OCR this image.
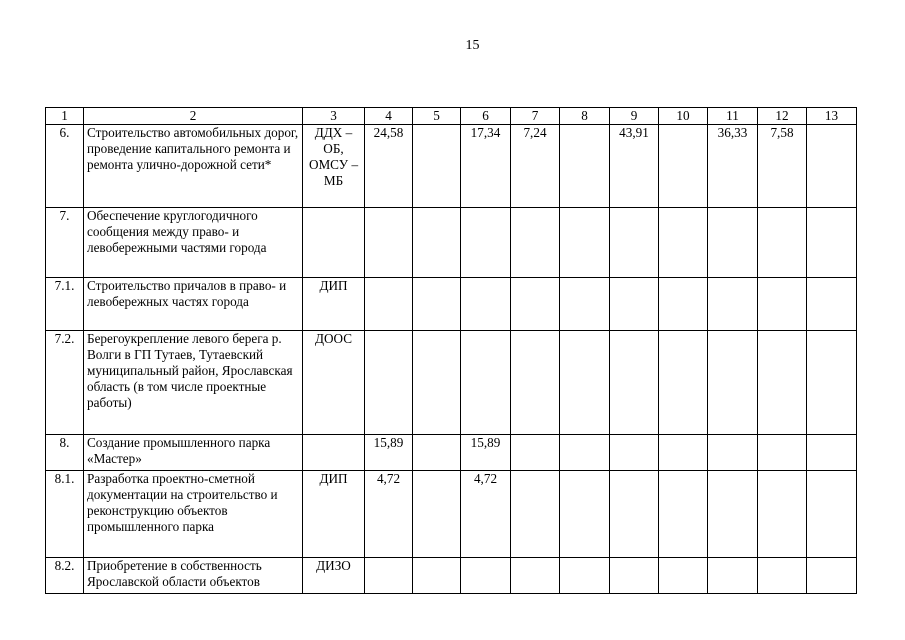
15
1	2	3	4	5	6	7	8	9	10	11	12	13
6.	Строительство автомобильных дорог, проведение капитального ремонта и ремонта улично-дорожной сети*	ДДХ – ОБ, ОМСУ – МБ	24,58		17,34	7,24		43,91		36,33	7,58	
7.	Обеспечение круглогодичного сообщения между право- и левобережными частями города											
7.1.	Строительство причалов в право- и левобережных частях города	ДИП										
7.2.	Берегоукрепление левого берега р. Волги в ГП Тутаев, Тутаевский муниципальный район, Ярославская область (в том числе проектные работы)	ДООС										
8.	Создание промышленного парка «Мастер»		15,89		15,89							
8.1.	Разработка проектно-сметной документации на строительство и реконструкцию объектов промышленного парка	ДИП	4,72		4,72							
8.2.	Приобретение в собственность Ярославской области объектов	ДИЗО										
